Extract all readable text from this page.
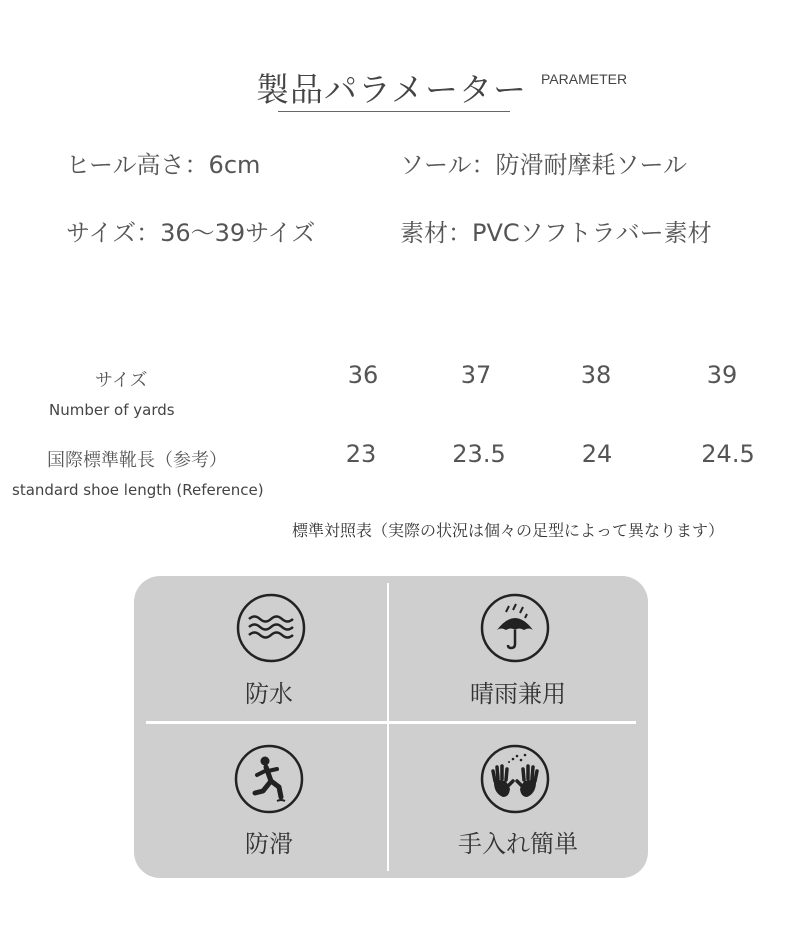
製品パラメーター PARAMETER
ヒール高さ：6cm	ソール：防滑耐摩耗ソール
サイズ：36〜39サイズ	素材：PVCソフトラバー素材
サイズ
Number of yards
36	37	38	39
国際標準靴長（参考）
standard shoe length (Reference)
23	23.5	24	24.5
標準対照表（実際の状況は個々の足型によって異なります）
防水	晴雨兼用
防滑	手入れ簡単
